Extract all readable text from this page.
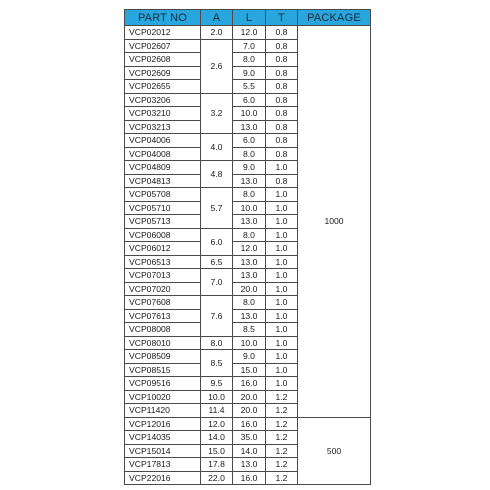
PART NO	A	L	T	PACKAGE
VCP02012	2.0	12.0	0.8	1000
VCP02607	2.6	7.0	0.8	
VCP02608		8.0	0.8	
VCP02609		9.0	0.8	
VCP02655		5.5	0.8	
VCP03206	3.2	6.0	0.8	
VCP03210		10.0	0.8	
VCP03213		13.0	0.8	
VCP04006	4.0	6.0	0.8	
VCP04008		8.0	0.8	
VCP04809	4.8	9.0	1.0	
VCP04813		13.0	0.8	
VCP05708	5.7	8.0	1.0	
VCP05710		10.0	1.0	
VCP05713		13.0	1.0	
VCP06008	6.0	8.0	1.0	
VCP06012		12.0	1.0	
VCP06513	6.5	13.0	1.0	
VCP07013	7.0	13.0	1.0	
VCP07020		20.0	1.0	
VCP07608	7.6	8.0	1.0	
VCP07613		13.0	1.0	
VCP08008		8.5	1.0	
VCP08010	8.0	10.0	1.0	
VCP08509	8.5	9.0	1.0	
VCP08515		15.0	1.0	
VCP09516	9.5	16.0	1.0	
VCP10020	10.0	20.0	1.2	
VCP11420	11.4	20.0	1.2	
VCP12016	12.0	16.0	1.2	500
VCP14035	14.0	35.0	1.2	
VCP15014	15.0	14.0	1.2	
VCP17813	17.8	13.0	1.2	
VCP22016	22.0	16.0	1.2	
